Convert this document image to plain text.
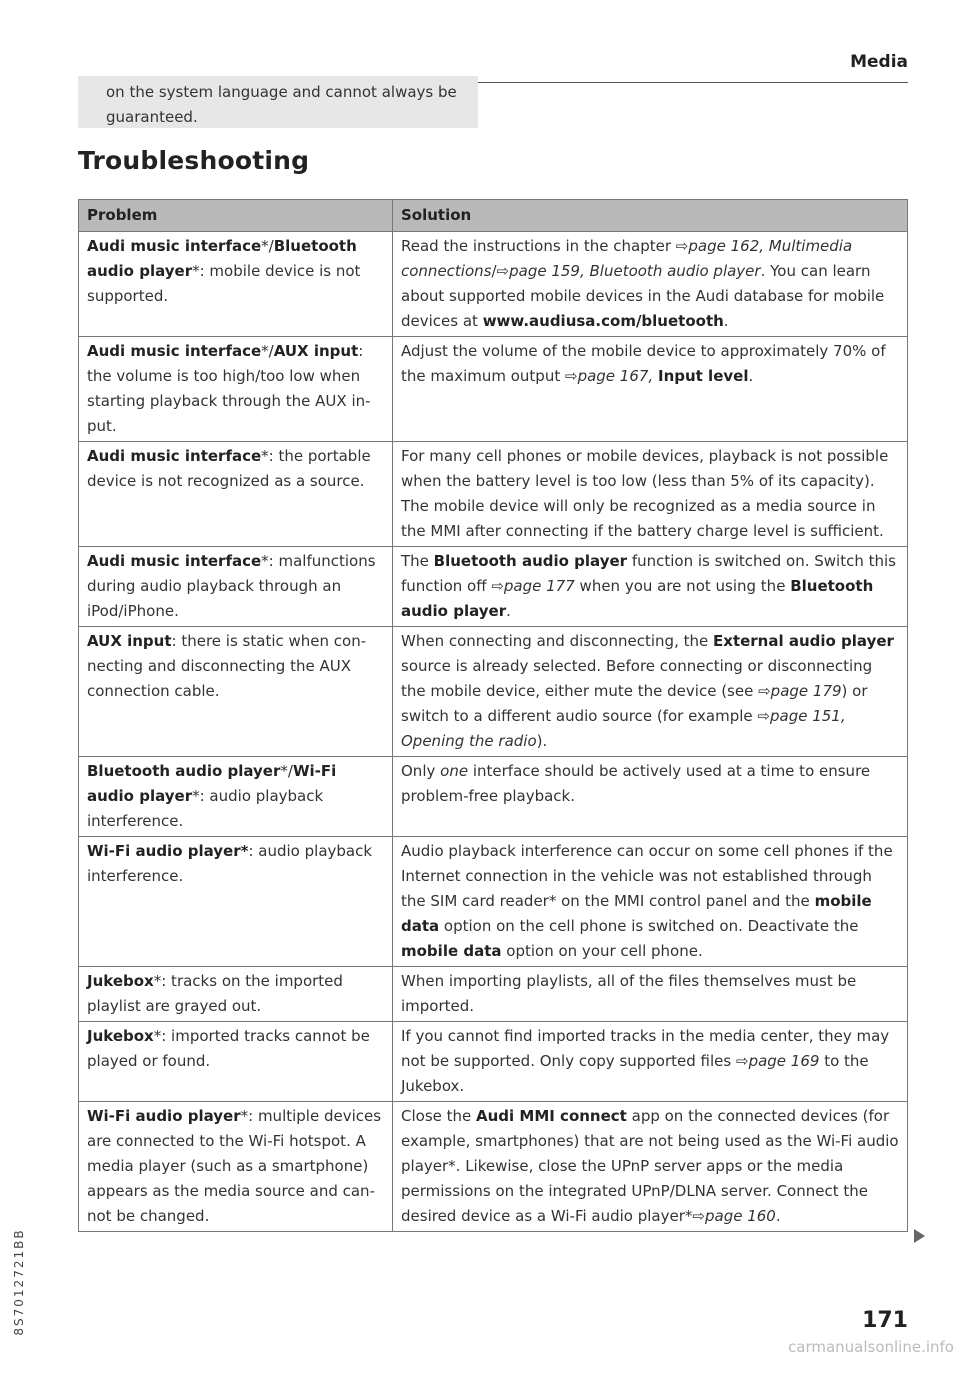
Media
on the system language and cannot always be guaranteed.
Troubleshooting
Problem	Solution
Audi music interface*/Bluetooth audio player*: mobile device is not supported.	Read the instructions in the chapter ⇨page 162, Multimedia connections/⇨page 159, Bluetooth audio player. You can learn about supported mobile devices in the Audi database for mobile devices at www.audiusa.com/bluetooth.
Audi music interface*/AUX input: the volume is too high/too low when starting playback through the AUX input.	Adjust the volume of the mobile device to approximately 70% of the maximum output ⇨page 167, Input level.
Audi music interface*: the portable device is not recognized as a source.	For many cell phones or mobile devices, playback is not possible when the battery level is too low (less than 5% of its capacity). The mobile device will only be recognized as a media source in the MMI after connecting if the battery charge level is sufficient.
Audi music interface*: malfunctions during audio playback through an iPod/iPhone.	The Bluetooth audio player function is switched on. Switch this function off ⇨page 177 when you are not using the Bluetooth audio player.
AUX input: there is static when connecting and disconnecting the AUX connection cable.	When connecting and disconnecting, the External audio player source is already selected. Before connecting or disconnecting the mobile device, either mute the device (see ⇨page 179) or switch to a different audio source (for example ⇨page 151, Opening the radio).
Bluetooth audio player*/Wi-Fi audio player*: audio playback interference.	Only one interface should be actively used at a time to ensure problem-free playback.
Wi-Fi audio player*: audio playback interference.	Audio playback interference can occur on some cell phones if the Internet connection in the vehicle was not established through the SIM card reader* on the MMI control panel and the mobile data option on the cell phone is switched on. Deactivate the mobile data option on your cell phone.
Jukebox*: tracks on the imported playlist are grayed out.	When importing playlists, all of the files themselves must be imported.
Jukebox*: imported tracks cannot be played or found.	If you cannot find imported tracks in the media center, they may not be supported. Only copy supported files ⇨page 169 to the Jukebox.
Wi-Fi audio player*: multiple devices are connected to the Wi-Fi hotspot. A media player (such as a smartphone) appears as the media source and cannot be changed.	Close the Audi MMI connect app on the connected devices (for example, smartphones) that are not being used as the Wi-Fi audio player*. Likewise, close the UPnP server apps or the media permissions on the integrated UPnP/DLNA server. Connect the desired device as a Wi-Fi audio player*⇨page 160.
8S7012721BB	171
carmanualsonline.info
